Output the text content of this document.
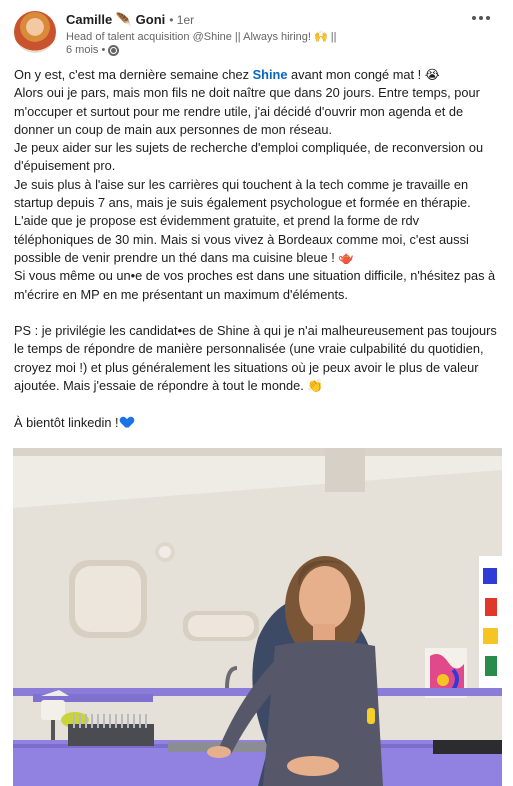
Camille 🪶 Goni • 1er
Head of talent acquisition @Shine || Always hiring! 🙌 ||
6 mois •

On y est, c'est ma dernière semaine chez Shine avant mon congé mat ! 😭

Alors oui je pars, mais mon fils ne doit naître que dans 20 jours. Entre temps, pour

m'occuper et surtout pour me rendre utile, j'ai décidé d'ouvrir mon agenda et de

donner un coup de main aux personnes de mon réseau.

Je peux aider sur les sujets de recherche d'emploi compliquée, de reconversion ou

d'épuisement pro.

Je suis plus à l'aise sur les carrières qui touchent à la tech comme je travaille en

startup depuis 7 ans, mais je suis également psychologue et formée en thérapie.

L'aide que je propose est évidemment gratuite, et prend la forme de rdv

téléphoniques de 30 min. Mais si vous vivez à Bordeaux comme moi, c'est aussi

possible de venir prendre un thé dans ma cuisine bleue ! 🫖

Si vous même ou un•e de vos proches est dans une situation difficile, n'hésitez pas à

m'écrire en MP en me présentant un maximum d'éléments.

PS : je privilégie les candidat•es de Shine à qui je n'ai malheureusement pas toujours

le temps de répondre de manière personnalisée (une vraie culpabilité du quotidien,

croyez moi !) et plus généralement les situations où je peux avoir le plus de valeur

ajoutée. Mais j'essaie de répondre à tout le monde. 👏

À bientôt linkedin !
